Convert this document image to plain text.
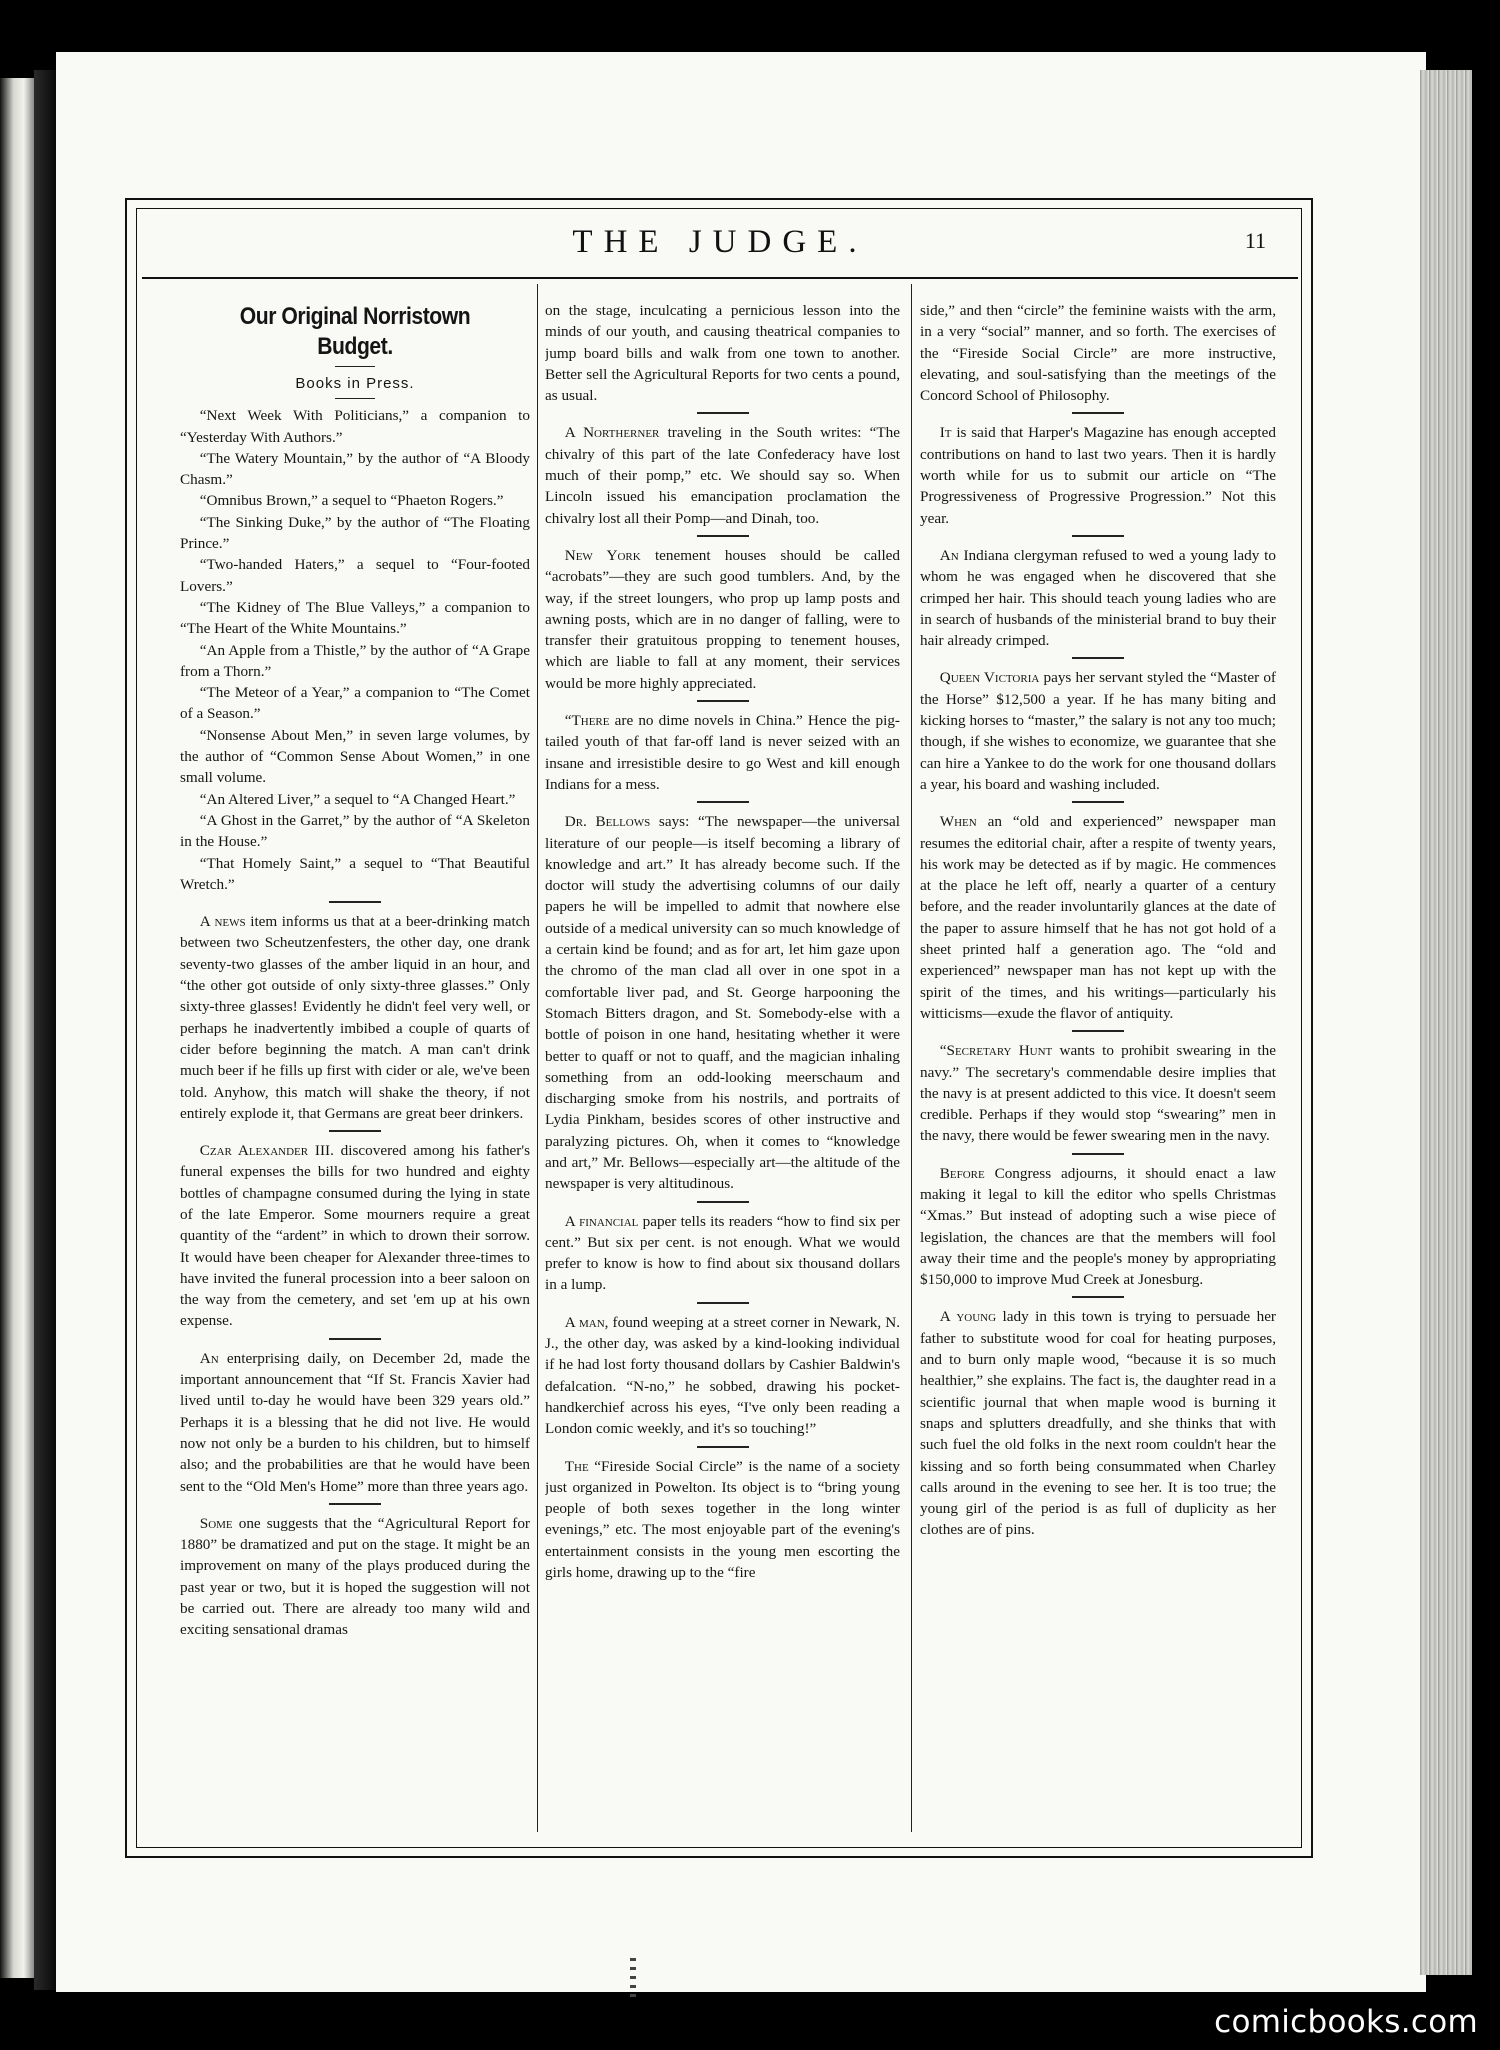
THE JUDGE.	11
Our Original Norristown Budget.
Books in Press.

“Next Week With Politicians,” a companion to “Yesterday With Authors.”

“The Watery Mountain,” by the author of “A Bloody Chasm.”

“Omnibus Brown,” a sequel to “Phaeton Rogers.”

“The Sinking Duke,” by the author of “The Floating Prince.”

“Two-handed Haters,” a sequel to “Four-footed Lovers.”

“The Kidney of The Blue Valleys,” a companion to “The Heart of the White Mountains.”

“An Apple from a Thistle,” by the author of “A Grape from a Thorn.”

“The Meteor of a Year,” a companion to “The Comet of a Season.”

“Nonsense About Men,” in seven large volumes, by the author of “Common Sense About Women,” in one small volume.

“An Altered Liver,” a sequel to “A Changed Heart.”

“A Ghost in the Garret,” by the author of “A Skeleton in the House.”

“That Homely Saint,” a sequel to “That Beautiful Wretch.”

A news item informs us that at a beer-drinking match between two Scheutzenfesters, the other day, one drank seventy-two glasses of the amber liquid in an hour, and “the other got outside of only sixty-three glasses.” Only sixty-three glasses! Evidently he didn't feel very well, or perhaps he inadvertently imbibed a couple of quarts of cider before beginning the match. A man can't drink much beer if he fills up first with cider or ale, we've been told. Anyhow, this match will shake the theory, if not entirely explode it, that Germans are great beer drinkers.

Czar Alexander III. discovered among his father's funeral expenses the bills for two hundred and eighty bottles of champagne consumed during the lying in state of the late Emperor. Some mourners require a great quantity of the “ardent” in which to drown their sorrow. It would have been cheaper for Alexander three-times to have invited the funeral procession into a beer saloon on the way from the cemetery, and set 'em up at his own expense.

An enterprising daily, on December 2d, made the important announcement that “If St. Francis Xavier had lived until to-day he would have been 329 years old.” Perhaps it is a blessing that he did not live. He would now not only be a burden to his children, but to himself also; and the probabilities are that he would have been sent to the “Old Men's Home” more than three years ago.

Some one suggests that the “Agricultural Report for 1880” be dramatized and put on the stage. It might be an improvement on many of the plays produced during the past year or two, but it is hoped the suggestion will not be carried out. There are already too many wild and exciting sensational dramas

on the stage, inculcating a pernicious lesson into the minds of our youth, and causing theatrical companies to jump board bills and walk from one town to another. Better sell the Agricultural Reports for two cents a pound, as usual.

A Northerner traveling in the South writes: “The chivalry of this part of the late Confederacy have lost much of their pomp,” etc. We should say so. When Lincoln issued his emancipation proclamation the chivalry lost all their Pomp—and Dinah, too.

New York tenement houses should be called “acrobats”—they are such good tumblers. And, by the way, if the street loungers, who prop up lamp posts and awning posts, which are in no danger of falling, were to transfer their gratuitous propping to tenement houses, which are liable to fall at any moment, their services would be more highly appreciated.

“There are no dime novels in China.” Hence the pig-tailed youth of that far-off land is never seized with an insane and irresistible desire to go West and kill enough Indians for a mess.

Dr. Bellows says: “The newspaper—the universal literature of our people—is itself becoming a library of knowledge and art.” It has already become such. If the doctor will study the advertising columns of our daily papers he will be impelled to admit that nowhere else outside of a medical university can so much knowledge of a certain kind be found; and as for art, let him gaze upon the chromo of the man clad all over in one spot in a comfortable liver pad, and St. George harpooning the Stomach Bitters dragon, and St. Somebody-else with a bottle of poison in one hand, hesitating whether it were better to quaff or not to quaff, and the magician inhaling something from an odd-looking meerschaum and discharging smoke from his nostrils, and portraits of Lydia Pinkham, besides scores of other instructive and paralyzing pictures. Oh, when it comes to “knowledge and art,” Mr. Bellows—especially art—the altitude of the newspaper is very altitudinous.

A financial paper tells its readers “how to find six per cent.” But six per cent. is not enough. What we would prefer to know is how to find about six thousand dollars in a lump.

A man, found weeping at a street corner in Newark, N. J., the other day, was asked by a kind-looking individual if he had lost forty thousand dollars by Cashier Baldwin's defalcation. “N-no,” he sobbed, drawing his pocket-handkerchief across his eyes, “I've only been reading a London comic weekly, and it's so touching!”

The “Fireside Social Circle” is the name of a society just organized in Powelton. Its object is to “bring young people of both sexes together in the long winter evenings,” etc. The most enjoyable part of the evening's entertainment consists in the young men escorting the girls home, drawing up to the “fire

side,” and then “circle” the feminine waists with the arm, in a very “social” manner, and so forth. The exercises of the “Fireside Social Circle” are more instructive, elevating, and soul-satisfying than the meetings of the Concord School of Philosophy.

It is said that Harper's Magazine has enough accepted contributions on hand to last two years. Then it is hardly worth while for us to submit our article on “The Progressiveness of Progressive Progression.” Not this year.

An Indiana clergyman refused to wed a young lady to whom he was engaged when he discovered that she crimped her hair. This should teach young ladies who are in search of husbands of the ministerial brand to buy their hair already crimped.

Queen Victoria pays her servant styled the “Master of the Horse” $12,500 a year. If he has many biting and kicking horses to “master,” the salary is not any too much; though, if she wishes to economize, we guarantee that she can hire a Yankee to do the work for one thousand dollars a year, his board and washing included.

When an “old and experienced” newspaper man resumes the editorial chair, after a respite of twenty years, his work may be detected as if by magic. He commences at the place he left off, nearly a quarter of a century before, and the reader involuntarily glances at the date of the paper to assure himself that he has not got hold of a sheet printed half a generation ago. The “old and experienced” newspaper man has not kept up with the spirit of the times, and his writings—particularly his witticisms—exude the flavor of antiquity.

“Secretary Hunt wants to prohibit swearing in the navy.” The secretary's commendable desire implies that the navy is at present addicted to this vice. It doesn't seem credible. Perhaps if they would stop “swearing” men in the navy, there would be fewer swearing men in the navy.

Before Congress adjourns, it should enact a law making it legal to kill the editor who spells Christmas “Xmas.” But instead of adopting such a wise piece of legislation, the chances are that the members will fool away their time and the people's money by appropriating $150,000 to improve Mud Creek at Jonesburg.

A young lady in this town is trying to persuade her father to substitute wood for coal for heating purposes, and to burn only maple wood, “because it is so much healthier,” she explains. The fact is, the daughter read in a scientific journal that when maple wood is burning it snaps and splutters dreadfully, and she thinks that with such fuel the old folks in the next room couldn't hear the kissing and so forth being consummated when Charley calls around in the evening to see her. It is too true; the young girl of the period is as full of duplicity as her clothes are of pins.

comicbooks.com
